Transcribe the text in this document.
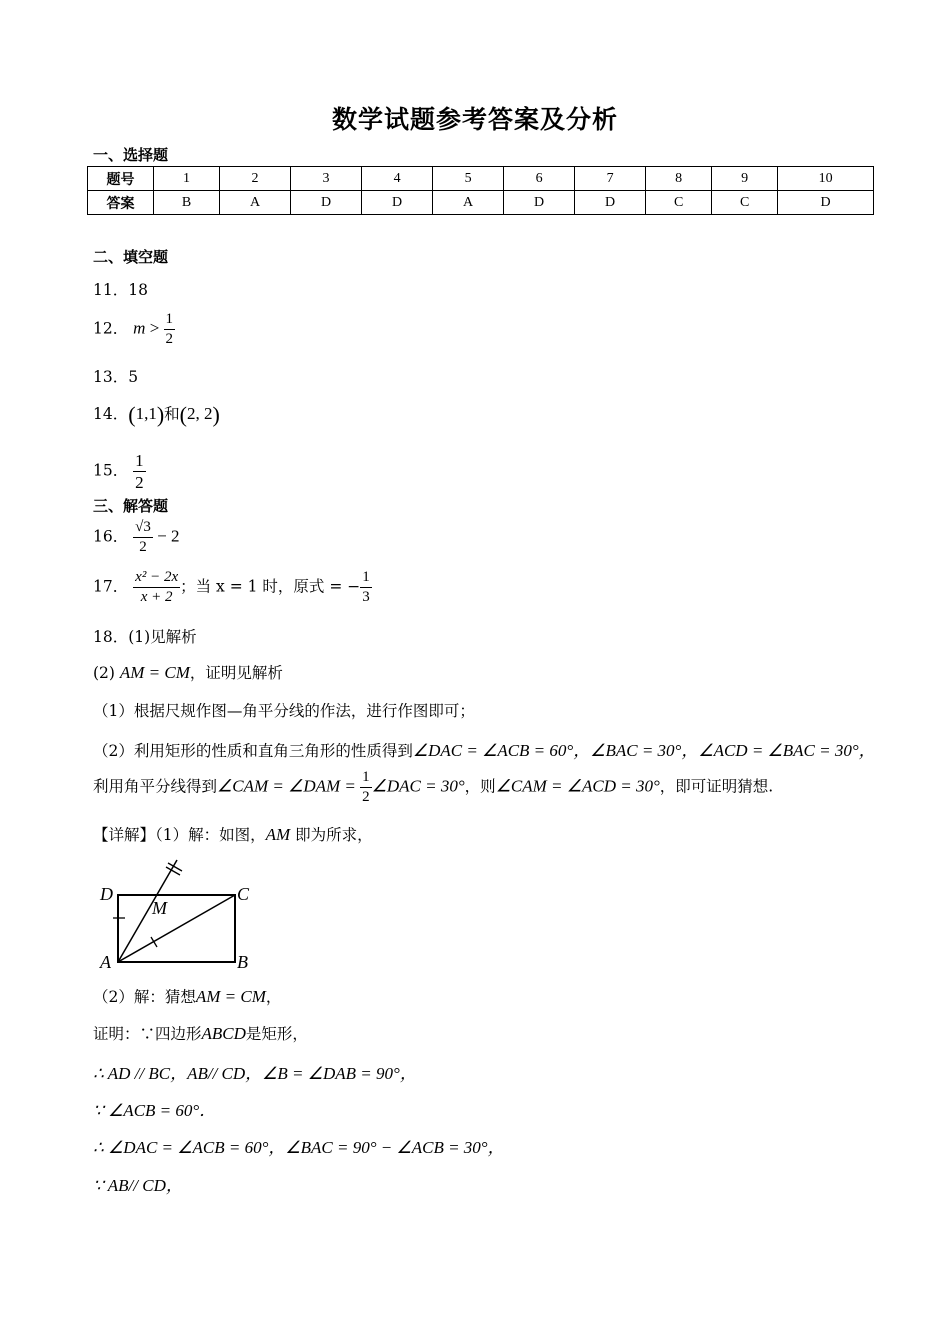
数学试题参考答案及分析
一、选择题
题号	1	2	3	4	5	6	7	8	9	10
答案	B	A	D	D	A	D	D	C	C	D
二、填空题
11．18
12． $m > \frac{1}{2}$
13．5
14．(1,1)和(2, 2)
15． $\frac{1}{2}$
三、解答题
16． $\frac{√3}{2} - 2$
17． $\frac{\text{x² − 2x}}{x + 2}$ ；当 x = 1 时，原式 = − $\frac{1}{3}$
18．(1)见解析
(2) AM = CM，证明见解析
（1）根据尺规作图—角平分线的作法，进行作图即可；
（2）利用矩形的性质和直角三角形的性质得到∠DAC = ∠ACB = 60°，∠BAC = 30°，∠ACD = ∠BAC = 30°，
利用角平分线得到∠CAM = ∠DAM = $\frac{1}{2}$ ∠DAC = 30°，则∠CAM = ∠ACD = 30°，即可证明猜想.
【详解】（1）解：如图，AM 即为所求，
D	C
M
A	B
（2）解：猜想AM = CM，
证明：∵四边形ABCD是矩形，
∴ AD // BC，AB// CD，∠B = ∠DAB = 90°，
∵ ∠ACB = 60°．
∴ ∠DAC = ∠ACB = 60°，∠BAC = 90° − ∠ACB = 30°，
∵ AB// CD，
